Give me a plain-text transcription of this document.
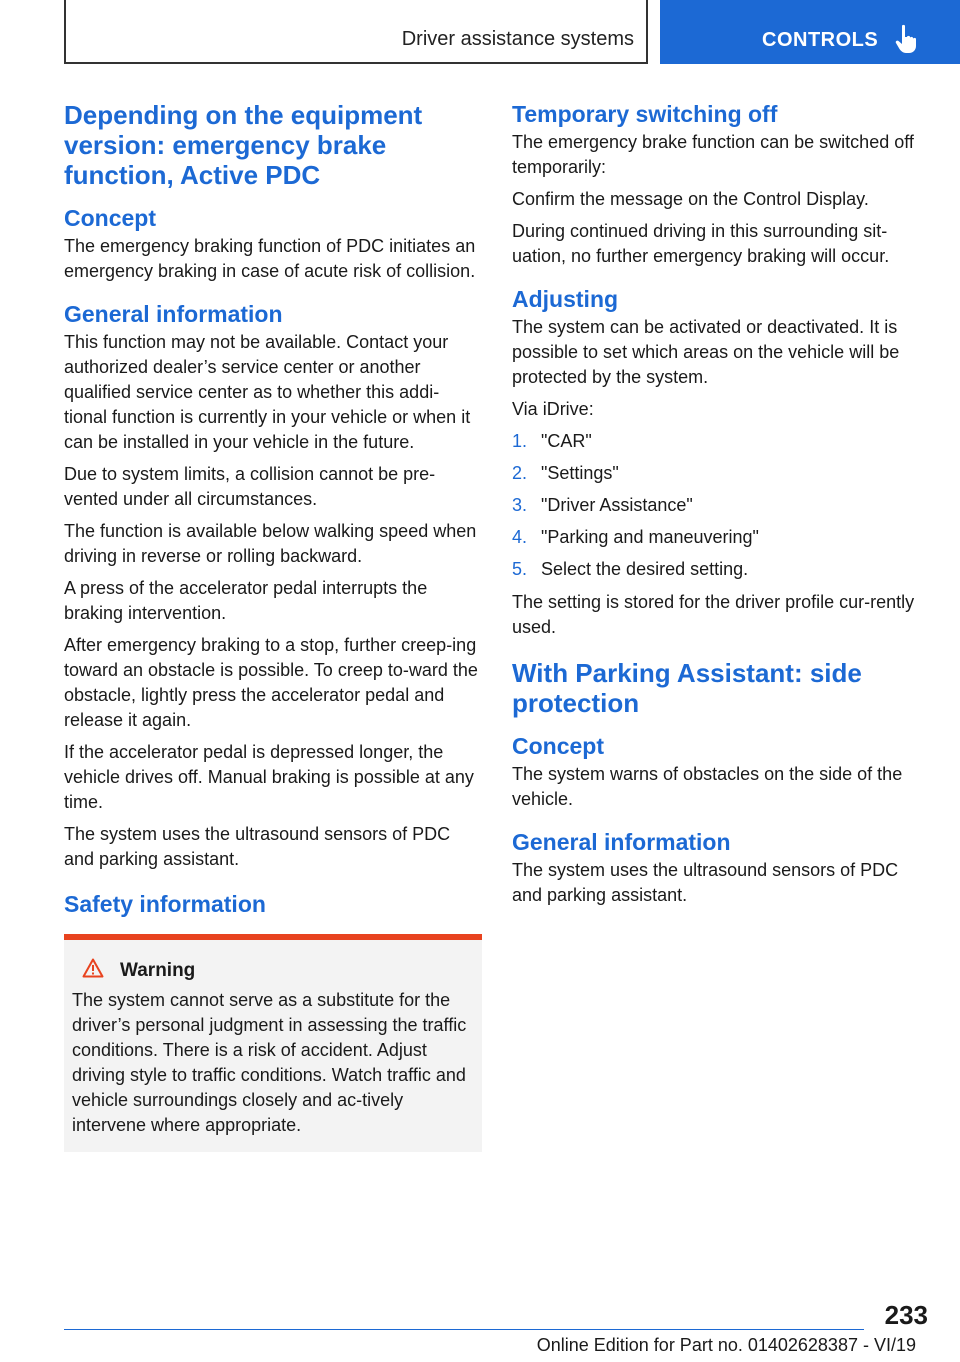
Driver assistance systems	CONTROLS
Depending on the equipment version: emergency brake function, Active PDC
Concept

The emergency braking function of PDC initiates an emergency braking in case of acute risk of collision.

General information

This function may not be available. Contact your authorized dealer’s service center or another qualified service center as to whether this addi-tional function is currently in your vehicle or when it can be installed in your vehicle in the future.

Due to system limits, a collision cannot be pre-vented under all circumstances.

The function is available below walking speed when driving in reverse or rolling backward.

A press of the accelerator pedal interrupts the braking intervention.

After emergency braking to a stop, further creep-ing toward an obstacle is possible. To creep to-ward the obstacle, lightly press the accelerator pedal and release it again.

If the accelerator pedal is depressed longer, the vehicle drives off. Manual braking is possible at any time.

The system uses the ultrasound sensors of PDC and parking assistant.

Safety information
Warning

The system cannot serve as a substitute for the driver’s personal judgment in assessing the traffic conditions. There is a risk of accident. Adjust driving style to traffic conditions. Watch traffic and vehicle surroundings closely and ac-tively intervene where appropriate.

Temporary switching off

The emergency brake function can be switched off temporarily:

Confirm the message on the Control Display.

During continued driving in this surrounding sit-uation, no further emergency braking will occur.

Adjusting

The system can be activated or deactivated. It is possible to set which areas on the vehicle will be protected by the system.

Via iDrive:

1. "CAR"
2. "Settings"
3. "Driver Assistance"
4. "Parking and maneuvering"
5. Select the desired setting.

The setting is stored for the driver profile cur-rently used.

With Parking Assistant: side protection
Concept

The system warns of obstacles on the side of the vehicle.

General information

The system uses the ultrasound sensors of PDC and parking assistant.

233
Online Edition for Part no. 01402628387 - VI/19
